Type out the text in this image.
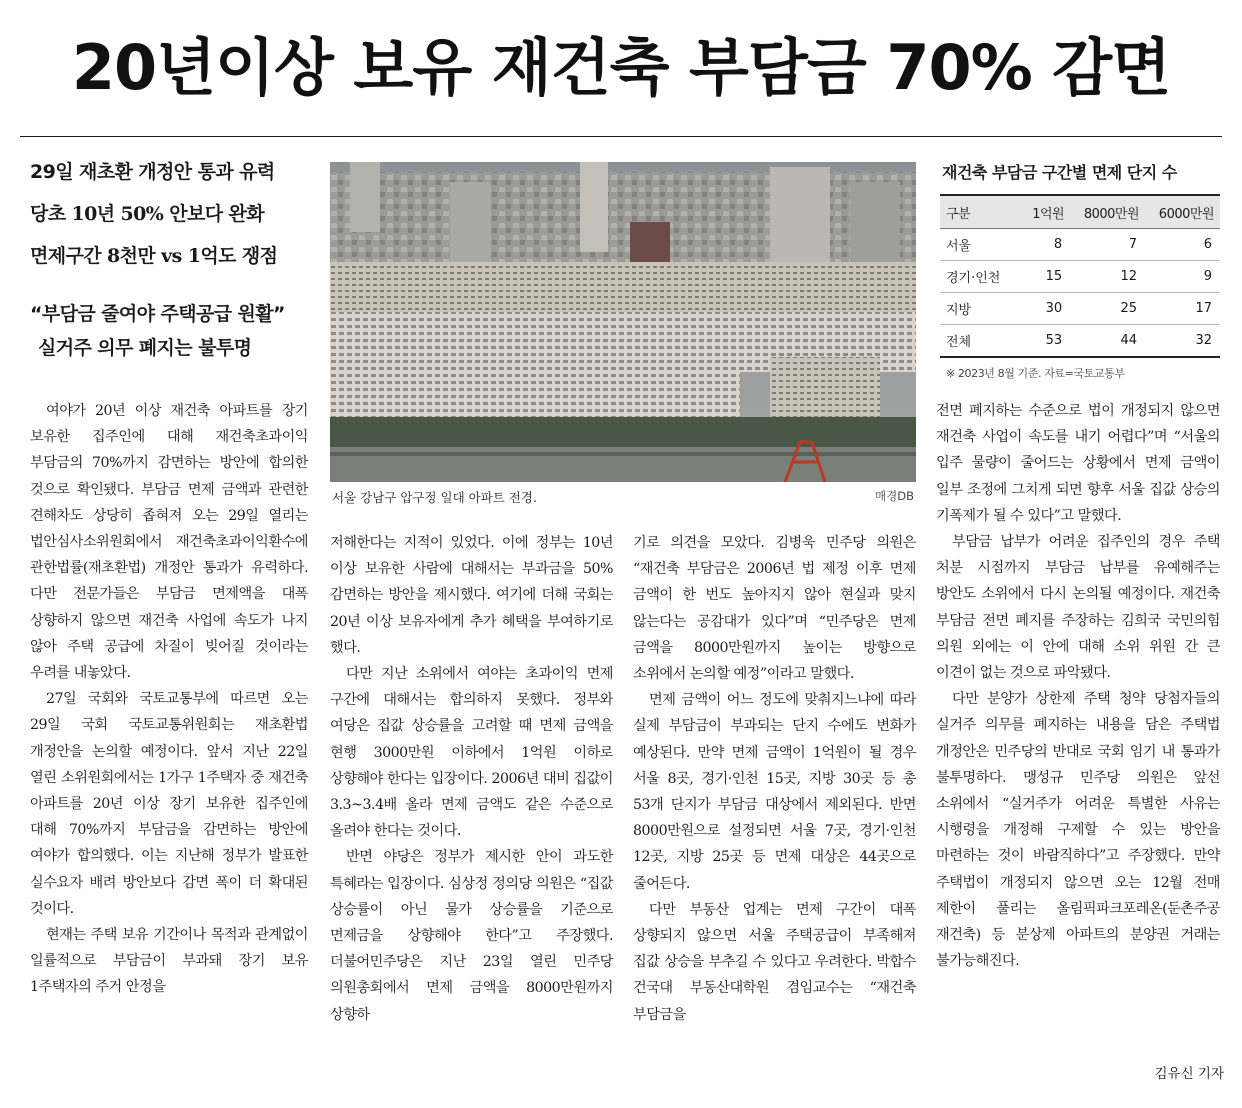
20년이상 보유 재건축 부담금 70% 감면
29일 재초환 개정안 통과 유력
당초 10년 50% 안보다 완화
면제구간 8천만 vs 1억도 쟁점
“부담금 줄여야 주택공급 원활”
실거주 의무 폐지는 불투명
서울 강남구 압구정 일대 아파트 전경.	매경DB
재건축 부담금 구간별 면제 단지 수
구분	1억원	8000만원	6000만원
서울	8	7	6
경기·인천	15	12	9
지방	30	25	17
전체	53	44	32
※ 2023년 8월 기준. 자료=국토교통부

여야가 20년 이상 재건축 아파트를 장기 보유한 집주인에 대해 재건축초과이익 부담금의 70%까지 감면하는 방안에 합의한 것으로 확인됐다. 부담금 면제 금액과 관련한 견해차도 상당히 좁혀져 오는 29일 열리는 법안심사소위원회에서 재건축초과이익환수에 관한법률(재초환법) 개정안 통과가 유력하다. 다만 전문가들은 부담금 면제액을 대폭 상향하지 않으면 재건축 사업에 속도가 나지 않아 주택 공급에 차질이 빚어질 것이라는 우려를 내놓았다.

27일 국회와 국토교통부에 따르면 오는 29일 국회 국토교통위원회는 재초환법 개정안을 논의할 예정이다. 앞서 지난 22일 열린 소위원회에서는 1가구 1주택자 중 재건축 아파트를 20년 이상 장기 보유한 집주인에 대해 70%까지 부담금을 감면하는 방안에 여야가 합의했다. 이는 지난해 정부가 발표한 실수요자 배려 방안보다 감면 폭이 더 확대된 것이다.

현재는 주택 보유 기간이나 목적과 관계없이 일률적으로 부담금이 부과돼 장기 보유 1주택자의 주거 안정을

저해한다는 지적이 있었다. 이에 정부는 10년 이상 보유한 사람에 대해서는 부과금을 50% 감면하는 방안을 제시했다. 여기에 더해 국회는 20년 이상 보유자에게 추가 혜택을 부여하기로 했다.

다만 지난 소위에서 여야는 초과이익 면제 구간에 대해서는 합의하지 못했다. 정부와 여당은 집값 상승률을 고려할 때 면제 금액을 현행 3000만원 이하에서 1억원 이하로 상향해야 한다는 입장이다. 2006년 대비 집값이 3.3~3.4배 올라 면제 금액도 같은 수준으로 올려야 한다는 것이다.

반면 야당은 정부가 제시한 안이 과도한 특혜라는 입장이다. 심상정 정의당 의원은 “집값 상승률이 아닌 물가 상승률을 기준으로 면제금을 상향해야 한다”고 주장했다. 더불어민주당은 지난 23일 열린 민주당 의원총회에서 면제 금액을 8000만원까지 상향하

기로 의견을 모았다. 김병욱 민주당 의원은 “재건축 부담금은 2006년 법 제정 이후 면제 금액이 한 번도 높아지지 않아 현실과 맞지 않는다는 공감대가 있다”며 “민주당은 면제 금액을 8000만원까지 높이는 방향으로 소위에서 논의할 예정”이라고 말했다.

면제 금액이 어느 정도에 맞춰지느냐에 따라 실제 부담금이 부과되는 단지 수에도 변화가 예상된다. 만약 면제 금액이 1억원이 될 경우 서울 8곳, 경기·인천 15곳, 지방 30곳 등 총 53개 단지가 부담금 대상에서 제외된다. 반면 8000만원으로 설정되면 서울 7곳, 경기·인천 12곳, 지방 25곳 등 면제 대상은 44곳으로 줄어든다.

다만 부동산 업계는 면제 구간이 대폭 상향되지 않으면 서울 주택공급이 부족해져 집값 상승을 부추길 수 있다고 우려한다. 박합수 건국대 부동산대학원 겸임교수는 “재건축 부담금을

전면 폐지하는 수준으로 법이 개정되지 않으면 재건축 사업이 속도를 내기 어렵다”며 “서울의 입주 물량이 줄어드는 상황에서 면제 금액이 일부 조정에 그치게 되면 향후 서울 집값 상승의 기폭제가 될 수 있다”고 말했다.

부담금 납부가 어려운 집주인의 경우 주택 처분 시점까지 부담금 납부를 유예해주는 방안도 소위에서 다시 논의될 예정이다. 재건축 부담금 전면 폐지를 주장하는 김희국 국민의힘 의원 외에는 이 안에 대해 소위 위원 간 큰 이견이 없는 것으로 파악됐다.

다만 분양가 상한제 주택 청약 당첨자들의 실거주 의무를 폐지하는 내용을 담은 주택법 개정안은 민주당의 반대로 국회 임기 내 통과가 불투명하다. 맹성규 민주당 의원은 앞선 소위에서 “실거주가 어려운 특별한 사유는 시행령을 개정해 구제할 수 있는 방안을 마련하는 것이 바람직하다”고 주장했다. 만약 주택법이 개정되지 않으면 오는 12월 전매 제한이 풀리는 올림픽파크포레온(둔촌주공 재건축) 등 분상제 아파트의 분양권 거래는 불가능해진다.

김유신 기자
